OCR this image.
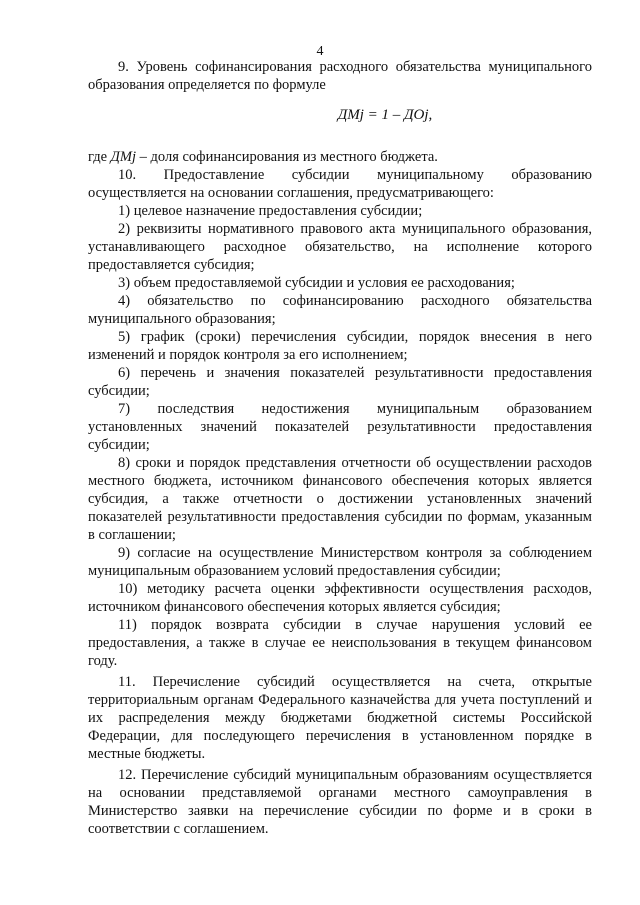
4

9. Уровень софинансирования расходного обязательства муниципального образования определяется по формуле

ДМj = 1 – ДОj,

где ДМj – доля софинансирования из местного бюджета.

10. Предоставление субсидии муниципальному образованию осуществляется на основании соглашения, предусматривающего:

1) целевое назначение предоставления субсидии;

2) реквизиты нормативного правового акта муниципального образования, устанавливающего расходное обязательство, на исполнение которого предоставляется субсидия;

3) объем предоставляемой субсидии и условия ее расходования;

4) обязательство по софинансированию расходного обязательства муниципального образования;

5) график (сроки) перечисления субсидии, порядок внесения в него изменений и порядок контроля за его исполнением;

6) перечень и значения показателей результативности предоставления субсидии;

7) последствия недостижения муниципальным образованием установленных значений показателей результативности предоставления субсидии;

8) сроки и порядок представления отчетности об осуществлении расходов местного бюджета, источником финансового обеспечения которых является субсидия, а также отчетности о достижении установленных значений показателей результативности предоставления субсидии по формам, указанным в соглашении;

9) согласие на осуществление Министерством контроля за соблюдением муниципальным образованием условий предоставления субсидии;

10) методику расчета оценки эффективности осуществления расходов, источником финансового обеспечения которых является субсидия;

11) порядок возврата субсидии в случае нарушения условий ее предоставления, а также в случае ее неиспользования в текущем финансовом году.

11. Перечисление субсидий осуществляется на счета, открытые территориальным органам Федерального казначейства для учета поступлений и их распределения между бюджетами бюджетной системы Российской Федерации, для последующего перечисления в установленном порядке в местные бюджеты.

12. Перечисление субсидий муниципальным образованиям осуществляется на основании представляемой органами местного самоуправления в Министерство заявки на перечисление субсидии по форме и в сроки в соответствии с соглашением.
